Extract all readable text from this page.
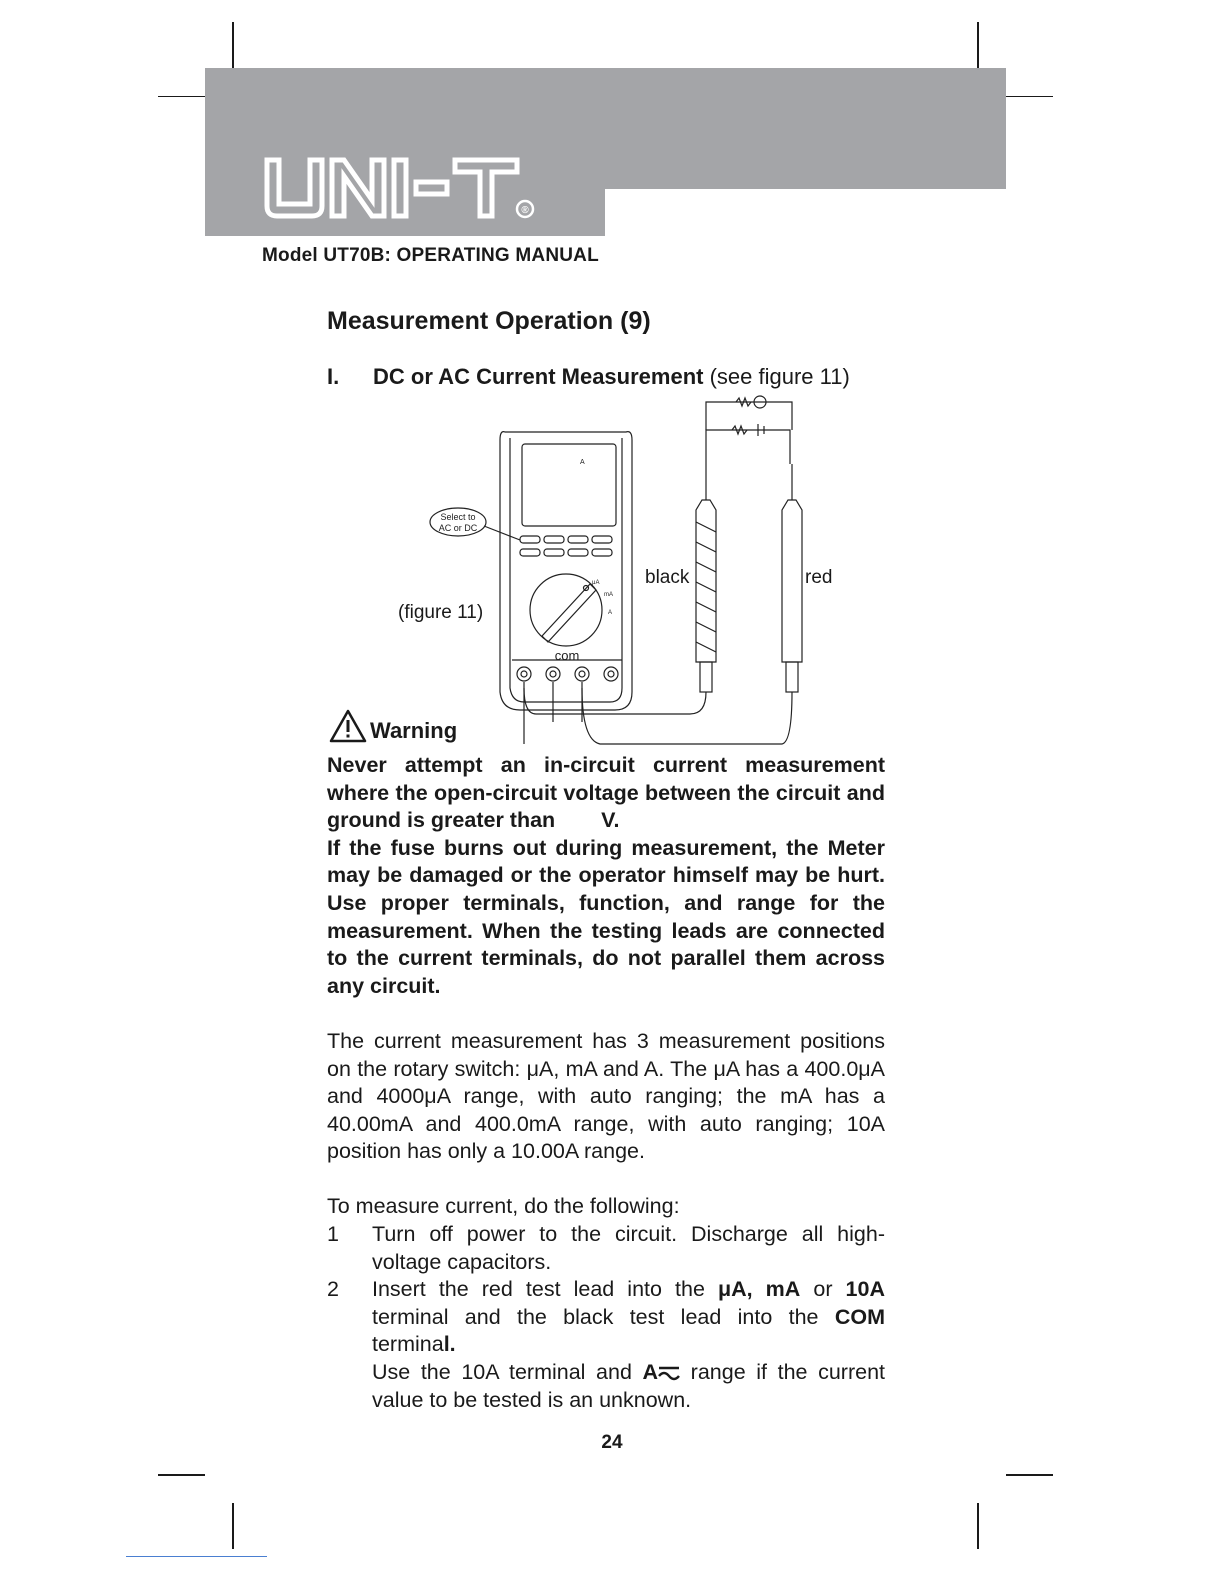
®
Model UT70B: OPERATING MANUAL
Measurement Operation (9)
I. DC or AC Current Measurement (see figure 11)
A
Select to
AC or DC
μA
mA
A
com
(figure 11)
black	red
Warning

Never attempt an in-circuit current measurement where the open-circuit voltage between the circuit and ground is greater than V.

If the fuse burns out during measurement, the Meter may be damaged or the operator himself may be hurt. Use proper terminals, function, and range for the measurement. When the testing leads are connected to the current terminals, do not parallel them across any circuit.

The current measurement has 3 measurement positions on the rotary switch: μA, mA and A. The μA has a 400.0μA and 4000μA range, with auto ranging; the mA has a 40.00mA and 400.0mA range, with auto ranging; 10A position has only a 10.00A range.

To measure current, do the following:
1 Turn off power to the circuit. Discharge all high-voltage capacitors.
2 Insert the red test lead into the μA, mA or 10A terminal and the black test lead into the COM terminal.
Use the 10A terminal and A range if the current value to be tested is an unknown.
24
